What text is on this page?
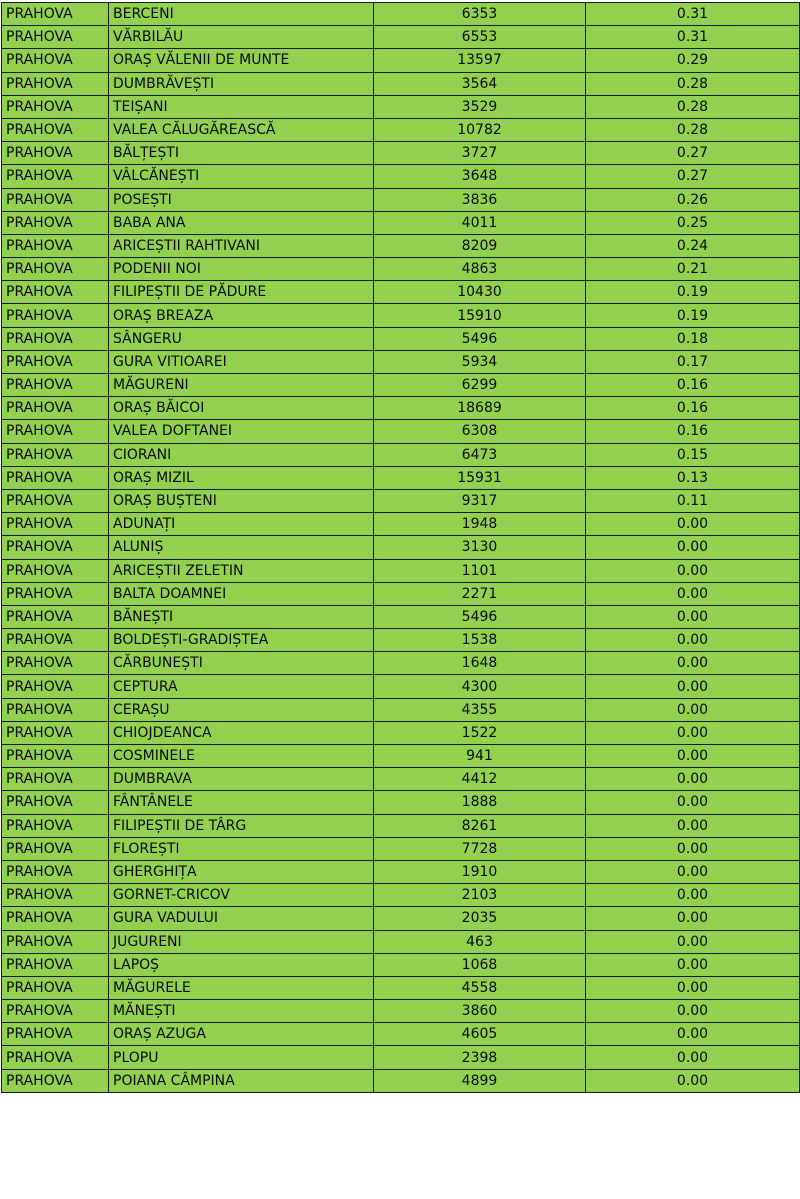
PRAHOVA	BERCENI	6353	0.31
PRAHOVA	VĂRBILĂU	6553	0.31
PRAHOVA	ORAȘ VĂLENII DE MUNTE	13597	0.29
PRAHOVA	DUMBRĂVEȘTI	3564	0.28
PRAHOVA	TEIȘANI	3529	0.28
PRAHOVA	VALEA CĂLUGĂREASCĂ	10782	0.28
PRAHOVA	BĂLȚEȘTI	3727	0.27
PRAHOVA	VÂLCĂNEȘTI	3648	0.27
PRAHOVA	POSEȘTI	3836	0.26
PRAHOVA	BABA ANA	4011	0.25
PRAHOVA	ARICEȘTII RAHTIVANI	8209	0.24
PRAHOVA	PODENII NOI	4863	0.21
PRAHOVA	FILIPEȘTII DE PĂDURE	10430	0.19
PRAHOVA	ORAȘ BREAZA	15910	0.19
PRAHOVA	SÂNGERU	5496	0.18
PRAHOVA	GURA VITIOAREI	5934	0.17
PRAHOVA	MĂGURENI	6299	0.16
PRAHOVA	ORAȘ BĂICOI	18689	0.16
PRAHOVA	VALEA DOFTANEI	6308	0.16
PRAHOVA	CIORANI	6473	0.15
PRAHOVA	ORAȘ MIZIL	15931	0.13
PRAHOVA	ORAȘ BUȘTENI	9317	0.11
PRAHOVA	ADUNAȚI	1948	0.00
PRAHOVA	ALUNIȘ	3130	0.00
PRAHOVA	ARICEȘTII ZELETIN	1101	0.00
PRAHOVA	BALTA DOAMNEI	2271	0.00
PRAHOVA	BĂNEȘTI	5496	0.00
PRAHOVA	BOLDEȘTI-GRADIȘTEA	1538	0.00
PRAHOVA	CĂRBUNEȘTI	1648	0.00
PRAHOVA	CEPTURA	4300	0.00
PRAHOVA	CERAȘU	4355	0.00
PRAHOVA	CHIOJDEANCA	1522	0.00
PRAHOVA	COSMINELE	941	0.00
PRAHOVA	DUMBRAVA	4412	0.00
PRAHOVA	FÂNTÂNELE	1888	0.00
PRAHOVA	FILIPEȘTII DE TÂRG	8261	0.00
PRAHOVA	FLOREȘTI	7728	0.00
PRAHOVA	GHERGHIȚA	1910	0.00
PRAHOVA	GORNET-CRICOV	2103	0.00
PRAHOVA	GURA VADULUI	2035	0.00
PRAHOVA	JUGURENI	463	0.00
PRAHOVA	LAPOȘ	1068	0.00
PRAHOVA	MĂGURELE	4558	0.00
PRAHOVA	MĂNEȘTI	3860	0.00
PRAHOVA	ORAȘ AZUGA	4605	0.00
PRAHOVA	PLOPU	2398	0.00
PRAHOVA	POIANA CÂMPINA	4899	0.00
